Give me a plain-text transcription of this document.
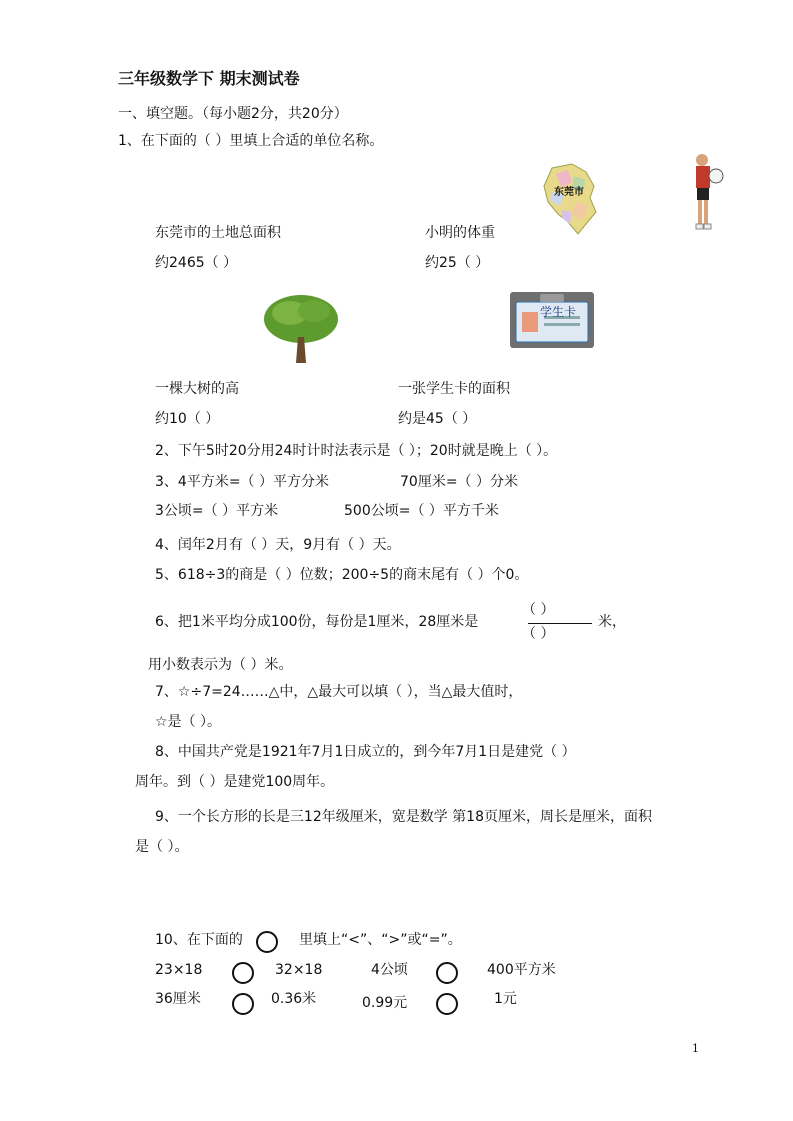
三年级数学下 期末测试卷
一、填空题。（每小题2分，共20分）
1、在下面的（ ）里填上合适的单位名称。
东莞市
东莞市的土地总面积
约2465（ ）
小明的体重
约25（ ）
学生卡
一棵大树的高
约10（ ）
一张学生卡的面积
约是45（ ）
2、下午5时20分用24时计时法表示是（ ）；20时就是晚上（ ）。
3、4平方米=（ ）平方分米	70厘米=（ ）分米
3公顷=（ ）平方米	500公顷=（ ）平方千米
4、闰年2月有（ ）天，9月有（ ）天。
5、618÷3的商是（ ）位数；200÷5的商末尾有（ ）个0。
6、把1米平均分成100份，每份是1厘米，28厘米是
（ ）
（ ）
米，
用小数表示为（ ）米。
7、☆÷7=24……△中，△最大可以填（ ），当△最大值时，
☆是（ ）。
8、中国共产党是1921年7月1日成立的，到今年7月1日是建党（ ）
周年。到（ ）是建党100周年。
9、一个长方形的长是三12年级厘米，宽是数学 第18页厘米，周长是厘米，面积
是（ ）。
10、在下面的	里填上“<”、“>”或“=”。
23×18	32×18	4公顷	400平方米
36厘米	0.36米	0.99元	1元
1
